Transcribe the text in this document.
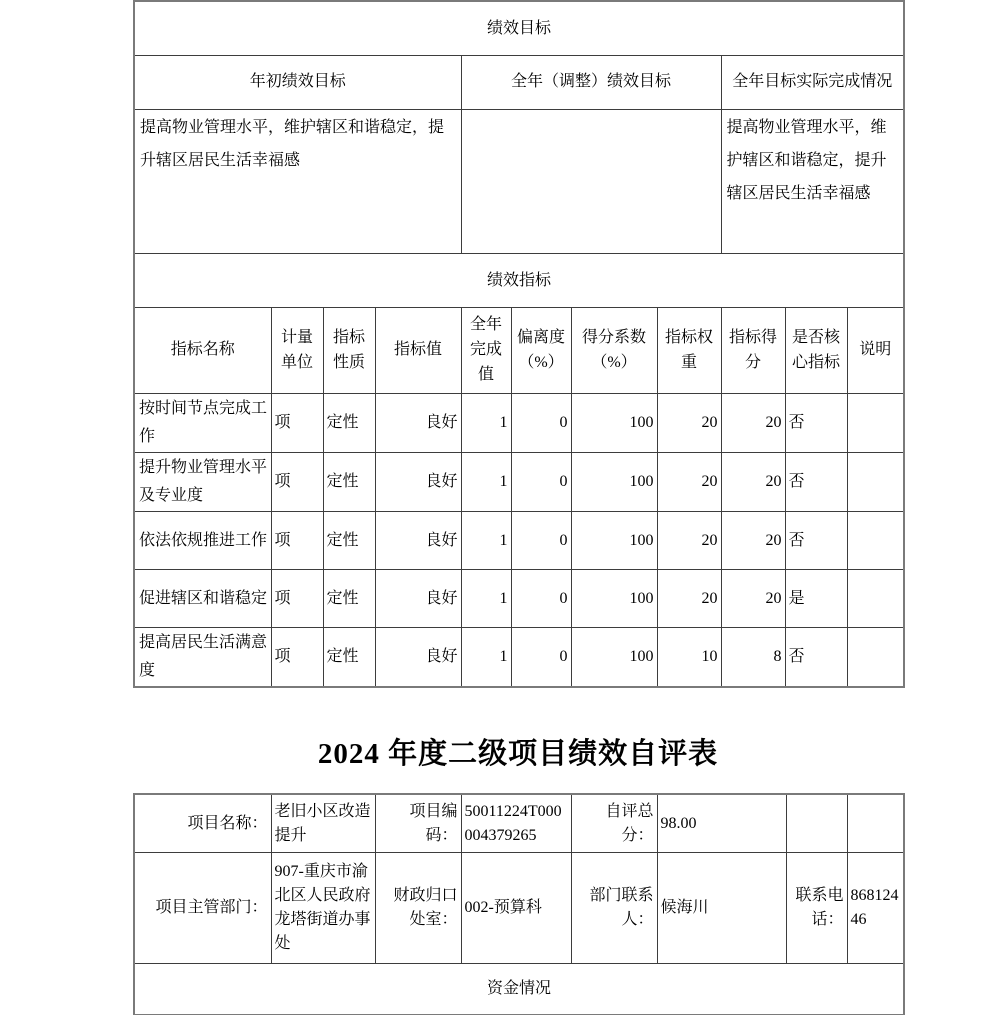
绩效目标										
年初绩效目标				全年（调整）绩效目标				全年目标实际完成情况		
提高物业管理水平，维护辖区和谐稳定，提升辖区居民生活幸福感								提高物业管理水平，维护辖区和谐稳定，提升辖区居民生活幸福感		
绩效指标										
指标名称	计量单位	指标性质	指标值	全年完成值	偏离度（%）	得分系数（%）	指标权重	指标得分	是否核心指标	说明
按时间节点完成工作	项	定性	良好	1	0	100	20	20	否	
提升物业管理水平及专业度	项	定性	良好	1	0	100	20	20	否	
依法依规推进工作	项	定性	良好	1	0	100	20	20	否	
促进辖区和谐稳定	项	定性	良好	1	0	100	20	20	是	
提高居民生活满意度	项	定性	良好	1	0	100	10	8	否	
2024 年度二级项目绩效自评表
项目名称：	老旧小区改造提升	项目编码：	50011224T000004379265	自评总分：	98.00		
项目主管部门：	907-重庆市渝北区人民政府龙塔街道办事处	财政归口处室：	002-预算科	部门联系人：	候海川	联系电话：	86812446
资金情况							
